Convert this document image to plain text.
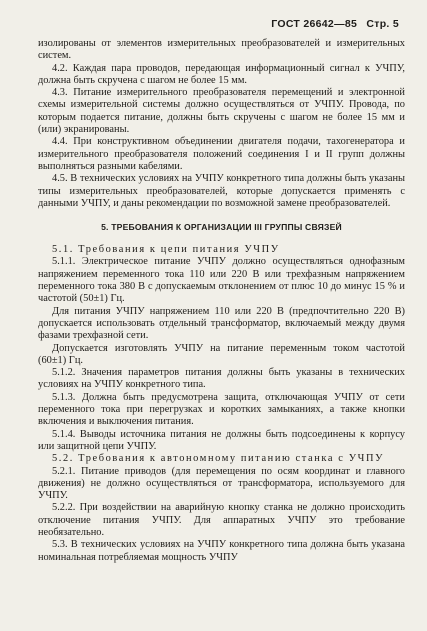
ГОСТ 26642—85 Стр. 5

изолированы от элементов измерительных преобразователей и измерительных систем.

4.2. Каждая пара проводов, передающая информационный сигнал к УЧПУ, должна быть скручена с шагом не более 15 мм.

4.3. Питание измерительного преобразователя перемещений и электронной схемы измерительной системы должно осуществляться от УЧПУ. Провода, по которым подается питание, должны быть скручены с шагом не более 15 мм и (или) экранированы.

4.4. При конструктивном объединении двигателя подачи, тахогенератора и измерительного преобразователя положений соединения I и II групп должны выполняться разными кабелями.

4.5. В технических условиях на УЧПУ конкретного типа должны быть указаны типы измерительных преобразователей, которые допускается применять с данными УЧПУ, и даны рекомендации по возможной замене преобразователей.

5. ТРЕБОВАНИЯ К ОРГАНИЗАЦИИ III ГРУППЫ СВЯЗЕЙ

5.1. Требования к цепи питания УЧПУ

5.1.1. Электрическое питание УЧПУ должно осуществляться однофазным напряжением переменного тока 110 или 220 В или трехфазным напряжением переменного тока 380 В с допускаемым отклонением от плюс 10 до минус 15 % и частотой (50±1) Гц.

Для питания УЧПУ напряжением 110 или 220 В (предпочтительно 220 В) допускается использовать отдельный трансформатор, включаемый между двумя фазами трехфазной сети.

Допускается изготовлять УЧПУ на питание переменным током частотой (60±1) Гц.

5.1.2. Значения параметров питания должны быть указаны в технических условиях на УЧПУ конкретного типа.

5.1.3. Должна быть предусмотрена защита, отключающая УЧПУ от сети переменного тока при перегрузках и коротких замыканиях, а также кнопки включения и выключения питания.

5.1.4. Выводы источника питания не должны быть подсоединены к корпусу или защитной цепи УЧПУ.

5.2. Требования к автономному питанию станка с УЧПУ

5.2.1. Питание приводов (для перемещения по осям координат и главного движения) не должно осуществляться от трансформатора, используемого для УЧПУ.

5.2.2. При воздействии на аварийную кнопку станка не должно происходить отключение питания УЧПУ. Для аппаратных УЧПУ это требование необязательно.

5.3. В технических условиях на УЧПУ конкретного типа должна быть указана номинальная потребляемая мощность УЧПУ
